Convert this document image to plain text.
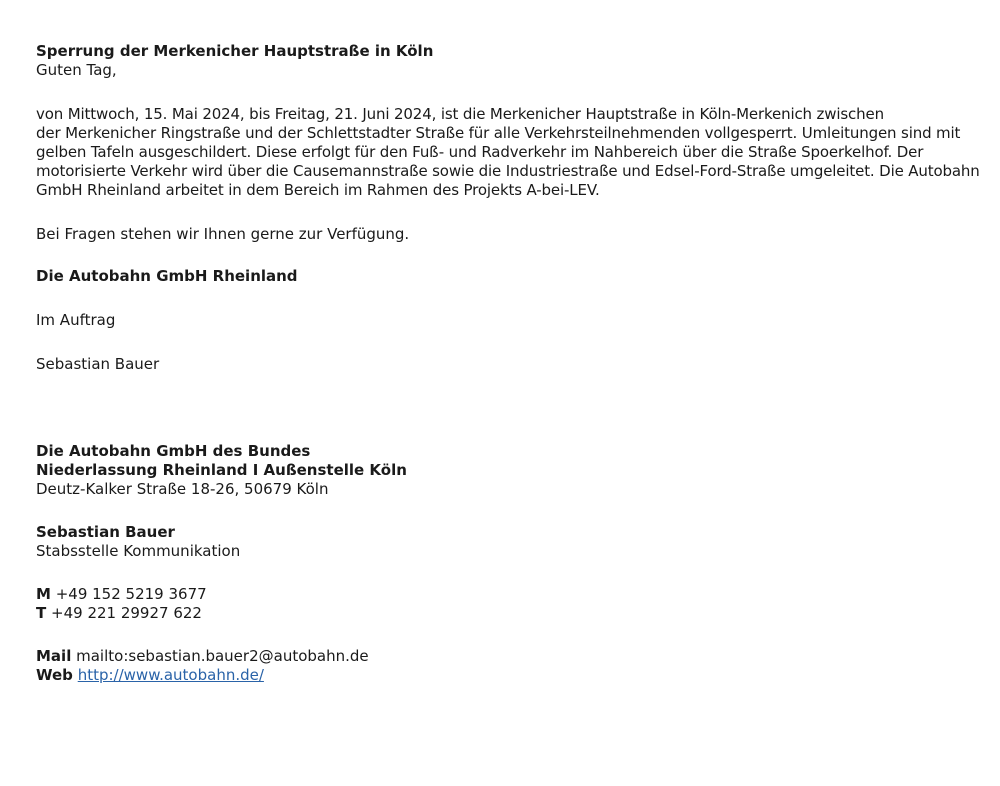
Sperrung der Merkenicher Hauptstraße in Köln

Guten Tag,

von Mittwoch, 15. Mai 2024, bis Freitag, 21. Juni 2024, ist die Merkenicher Hauptstraße in Köln-Merkenich zwischen
der Merkenicher Ringstraße und der Schlettstadter Straße für alle Verkehrsteilnehmenden vollgesperrt. Umleitungen sind mit
gelben Tafeln ausgeschildert. Diese erfolgt für den Fuß- und Radverkehr im Nahbereich über die Straße Spoerkelhof. Der
motorisierte Verkehr wird über die Causemannstraße sowie die Industriestraße und Edsel-Ford-Straße umgeleitet. Die Autobahn
GmbH Rheinland arbeitet in dem Bereich im Rahmen des Projekts A-bei-LEV.

Bei Fragen stehen wir Ihnen gerne zur Verfügung.

Die Autobahn GmbH Rheinland

Im Auftrag

Sebastian Bauer

Die Autobahn GmbH des Bundes
Niederlassung Rheinland I Außenstelle Köln
Deutz-Kalker Straße 18-26, 50679 Köln
Sebastian Bauer
Stabsstelle Kommunikation
M +49 152 5219 3677
T +49 221 29927 622
Mail mailto:sebastian.bauer2@autobahn.de
Web http://www.autobahn.de/
